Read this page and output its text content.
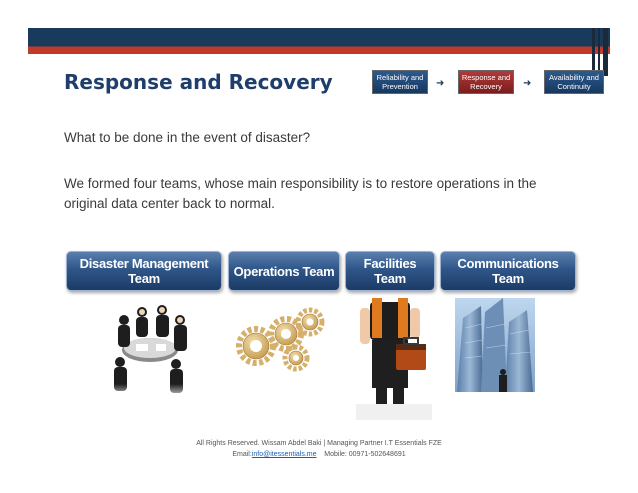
Response and Recovery	Reliability and Prevention	➜
Response and Recovery	➜
Availability and Continuity
What to be done in the event of disaster?
We formed four teams, whose main responsibility is to restore operations in the original data center back to normal.
Disaster Management Team	Operations Team Facilities Team
Communications Team
All Rights Reserved. Wissam Abdel Baki | Managing Partner I.T Essentials FZE
Email:info@itessentials.me Mobile: 00971-502648691
